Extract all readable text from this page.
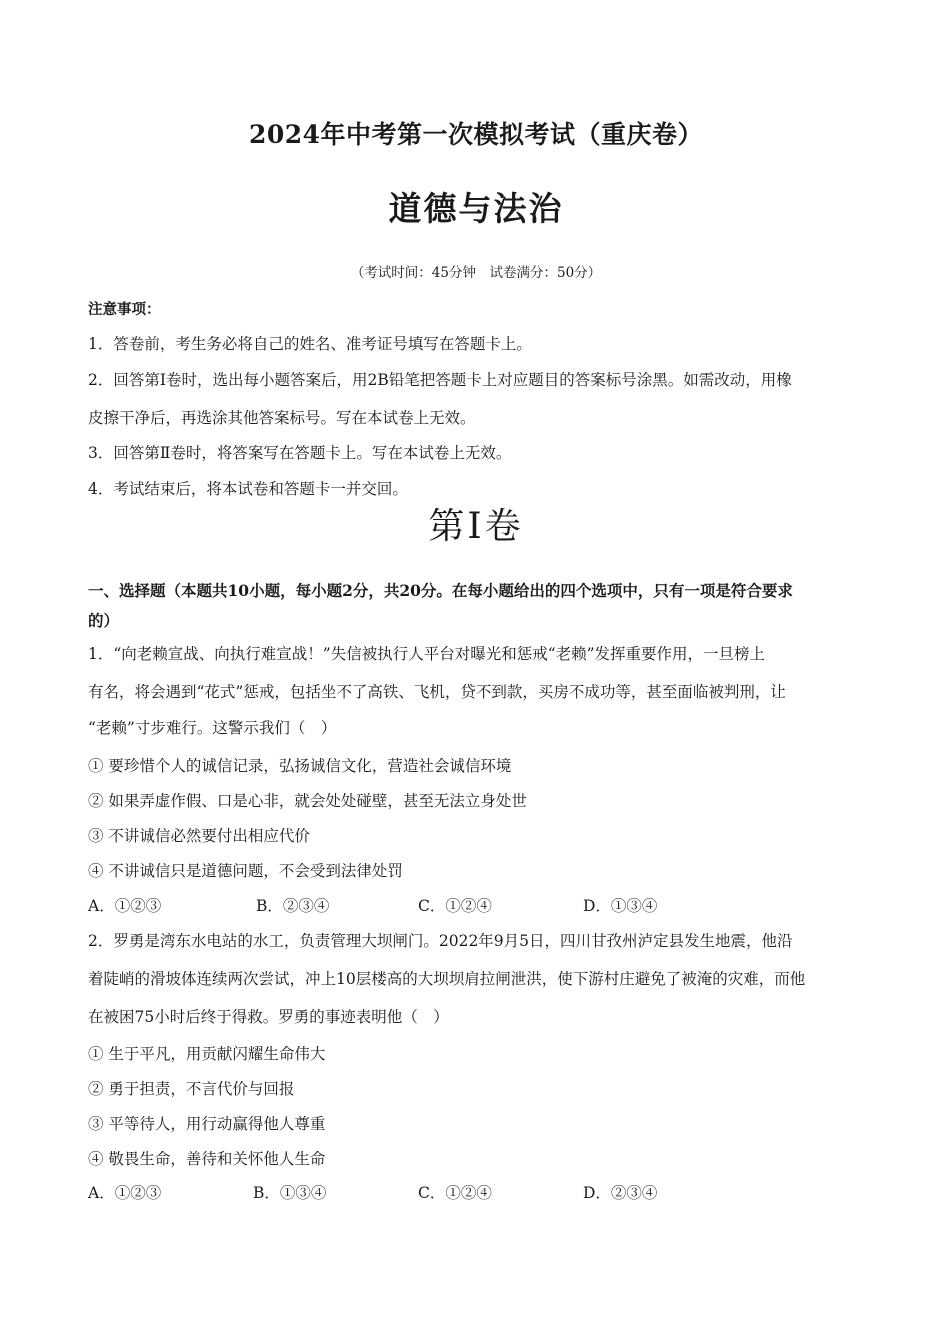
2024年中考第一次模拟考试（重庆卷）
道德与法治
（考试时间：45分钟　试卷满分：50分）
注意事项：
1．答卷前，考生务必将自己的姓名、准考证号填写在答题卡上。
2．回答第Ⅰ卷时，选出每小题答案后，用2B铅笔把答题卡上对应题目的答案标号涂黑。如需改动，用橡
皮擦干净后，再选涂其他答案标号。写在本试卷上无效。
3．回答第Ⅱ卷时，将答案写在答题卡上。写在本试卷上无效。
4．考试结束后，将本试卷和答题卡一并交回。
第Ⅰ卷
一、选择题（本题共10小题，每小题2分，共20分。在每小题给出的四个选项中，只有一项是符合要求
的）
1．“向老赖宣战、向执行难宣战！”失信被执行人平台对曝光和惩戒“老赖”发挥重要作用，一旦榜上
有名，将会遇到“花式”惩戒，包括坐不了高铁、飞机，贷不到款，买房不成功等，甚至面临被判刑，让
“老赖”寸步难行。这警示我们（　）
① 要珍惜个人的诚信记录，弘扬诚信文化，营造社会诚信环境
② 如果弄虚作假、口是心非，就会处处碰壁，甚至无法立身处世
③ 不讲诚信必然要付出相应代价
④ 不讲诚信只是道德问题，不会受到法律处罚
A．①②③	B．②③④	C．①②④	D．①③④
2．罗勇是湾东水电站的水工，负责管理大坝闸门。2022年9月5日，四川甘孜州泸定县发生地震，他沿
着陡峭的滑坡体连续两次尝试，冲上10层楼高的大坝坝肩拉闸泄洪，使下游村庄避免了被淹的灾难，而他
在被困75小时后终于得救。罗勇的事迹表明他（　）
① 生于平凡，用贡献闪耀生命伟大
② 勇于担责，不言代价与回报
③ 平等待人，用行动赢得他人尊重
④ 敬畏生命，善待和关怀他人生命
A．①②③	B．①③④	C．①②④	D．②③④
